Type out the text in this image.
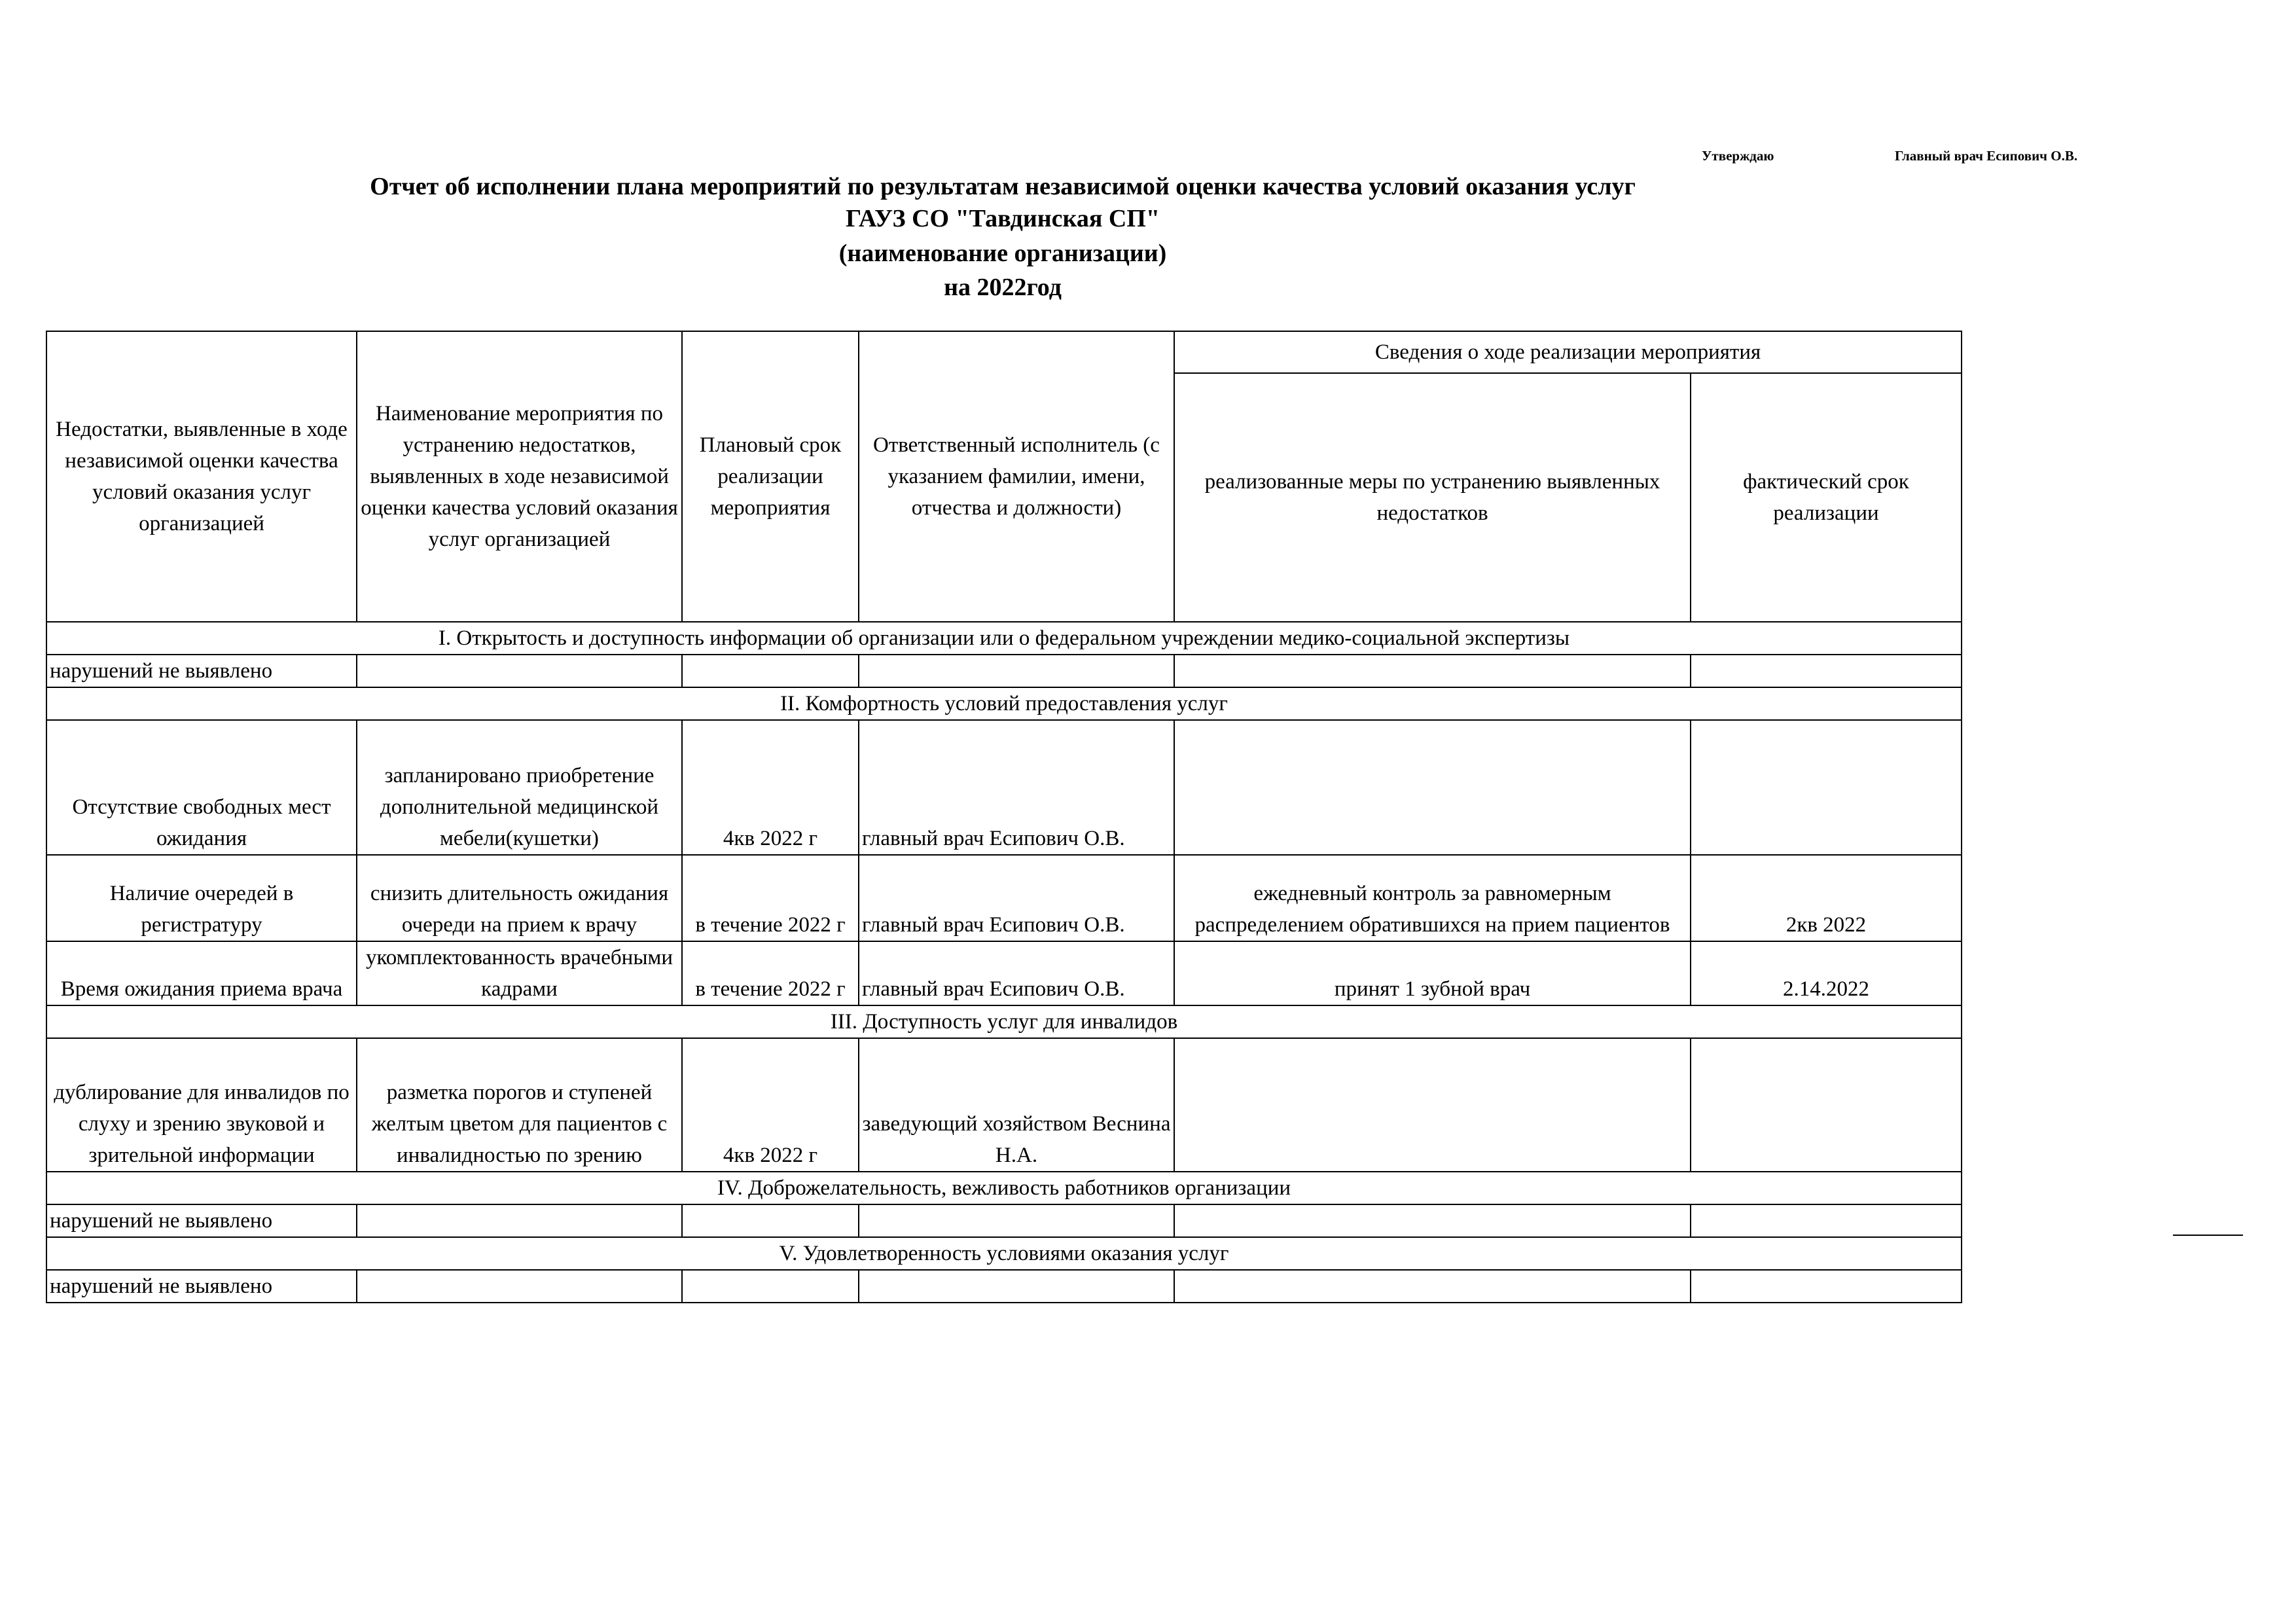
Утверждаю	Главный врач Есипович О.В.
Отчет об исполнении плана мероприятий по результатам независимой оценки качества условий оказания услуг
ГАУЗ СО "Тавдинская СП"
(наименование организации)
на 2022год
Недостатки, выявленные в ходе независимой оценки качества условий оказания услуг организацией	Наименование мероприятия по устранению недостатков, выявленных в ходе независимой оценки качества условий оказания услуг организацией	Плановый срок реализации мероприятия	Ответственный исполнитель (с указанием фамилии, имени, отчества и должности)	Сведения о ходе реализации мероприятия	
				реализованные меры по устранению выявленных недостатков	фактический срок реализации
I. Открытость и доступность информации об организации или о федеральном учреждении медико-социальной экспертизы					
нарушений не выявлено					
II. Комфортность условий предоставления услуг					
Отсутствие свободных мест ожидания	запланировано приобретение дополнительной медицинской мебели(кушетки)	4кв 2022 г	главный врач Есипович О.В.		
Наличие очередей в регистратуру	снизить длительность ожидания очереди на прием к врачу	в течение 2022 г	главный врач Есипович О.В.	ежедневный контроль за равномерным распределением обратившихся на прием пациентов	2кв 2022
Время ожидания приема врача	укомплектованность врачебными кадрами	в течение 2022 г	главный врач Есипович О.В.	принят 1 зубной врач	2.14.2022
III. Доступность услуг для инвалидов					
дублирование для инвалидов по слуху и зрению звуковой и зрительной информации	разметка порогов и ступеней желтым цветом для пациентов с инвалидностью по зрению	4кв 2022 г	заведующий хозяйством Веснина Н.А.		
IV. Доброжелательность, вежливость работников организации					
нарушений не выявлено					
V. Удовлетворенность условиями оказания услуг					
нарушений не выявлено					
